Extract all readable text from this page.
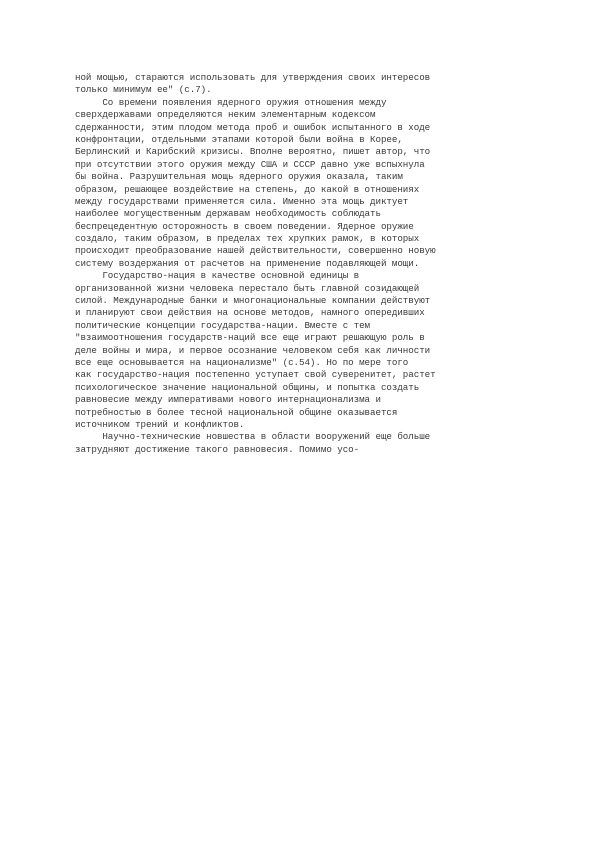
ной мощью, стараются использовать для утверждения своих интересов
только минимум ее" (с.7).
Со времени появления ядерного оружия отношения между
сверхдержавами определяются неким элементарным кодексом
сдержанности, этим плодом метода проб и ошибок испытанного в ходе
конфронтации, отдельными этапами которой были война в Корее,
Берлинский и Карибский кризисы. Вполне вероятно, пишет автор, что
при отсутствии этого оружия между США и СССР давно уже вспыхнула
бы война. Разрушительная мощь ядерного оружия оказала, таким
образом, решающее воздействие на степень, до какой в отношениях
между государствами применяется сила. Именно эта мощь диктует
наиболее могущественным державам необходимость соблюдать
беспрецедентную осторожность в своем поведении. Ядерное оружие
создало, таким образом, в пределах тех хрупких рамок, в которых
происходит преобразование нашей действительности, совершенно новую
систему воздержания от расчетов на применение подавляющей мощи.
Государство-нация в качестве основной единицы в
организованной жизни человека перестало быть главной созидающей
силой. Международные банки и многонациональные компании действуют
и планируют свои действия на основе методов, намного опередивших
политические концепции государства-нации. Вместе с тем
"взаимоотношения государств-наций все еще играют решающую роль в
деле войны и мира, и первое осознание человеком себя как личности
все еще основывается на национализме" (с.54). Но по мере того
как государство-нация постепенно уступает свой суверенитет, растет
психологическое значение национальной общины, и попытка создать
равновесие между императивами нового интернационализма и
потребностью в более тесной национальной общине оказывается
источником трений и конфликтов.
Научно-технические новшества в области вооружений еще больше
затрудняют достижение такого равновесия. Помимо усо-
